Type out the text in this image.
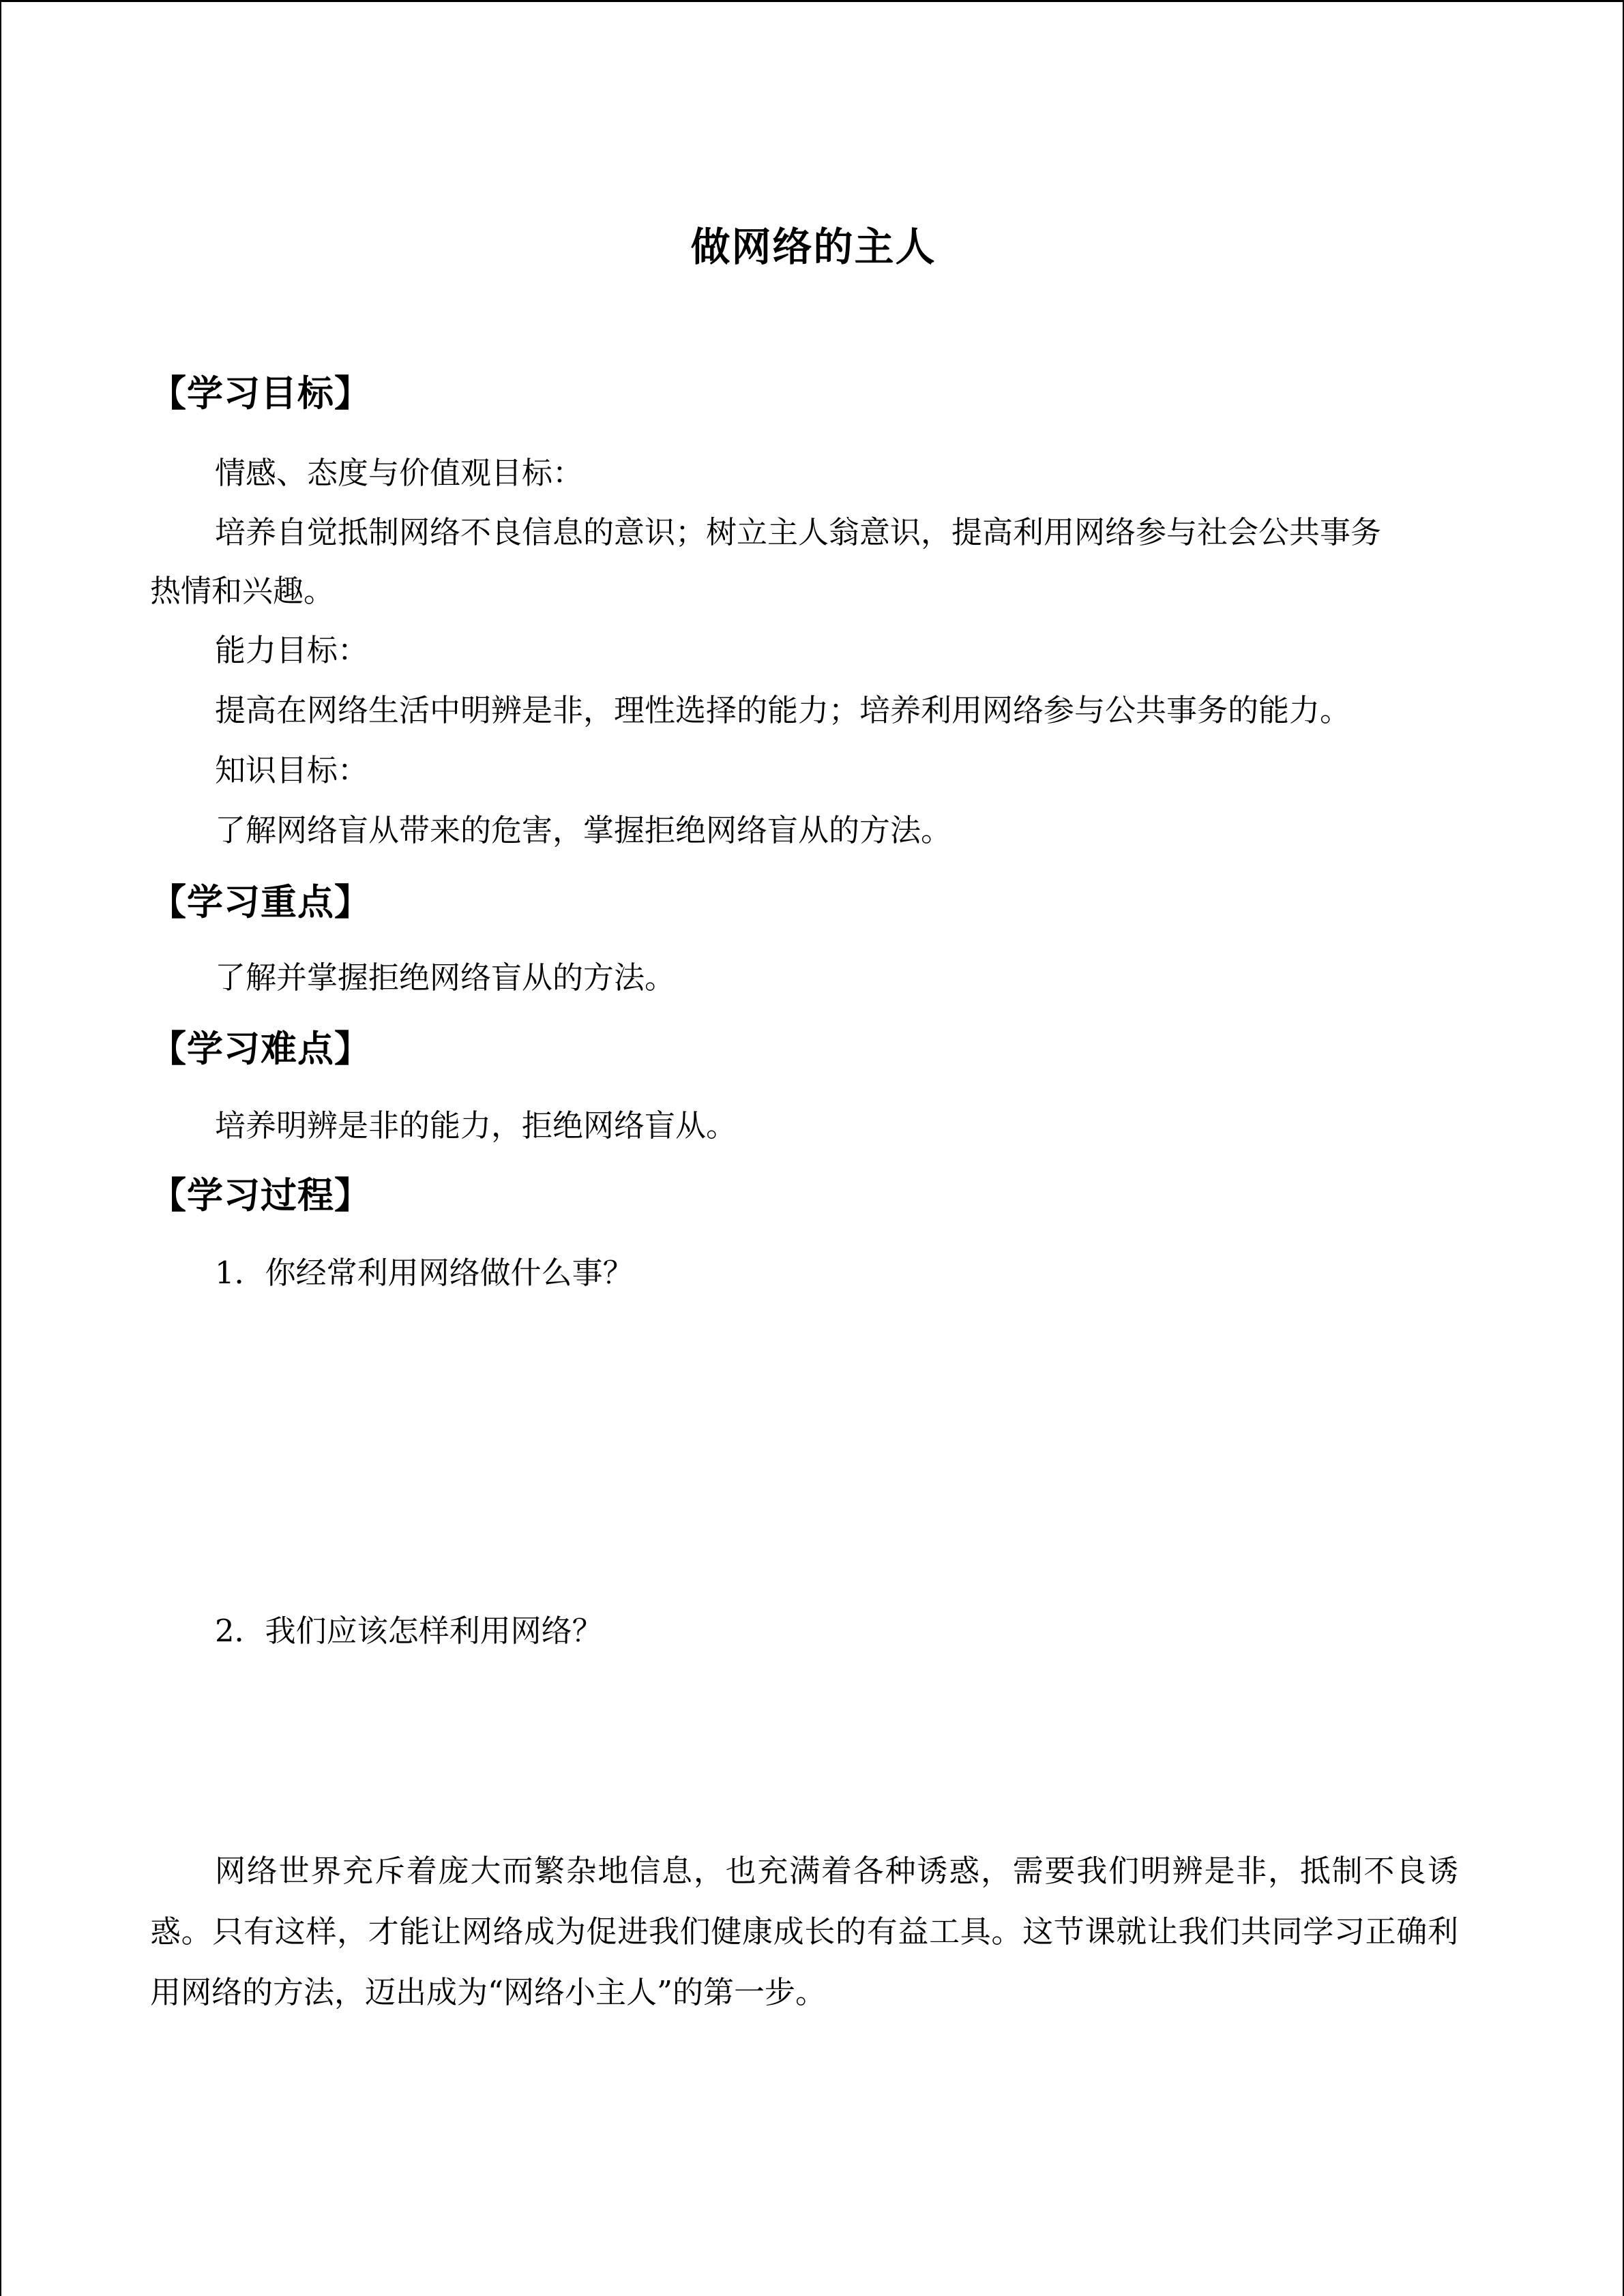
做网络的主人
【学习目标】
情感、态度与价值观目标：
培养自觉抵制网络不良信息的意识；树立主人翁意识，提高利用网络参与社会公共事务
热情和兴趣。
能力目标：
提高在网络生活中明辨是非，理性选择的能力；培养利用网络参与公共事务的能力。
知识目标：
了解网络盲从带来的危害，掌握拒绝网络盲从的方法。
【学习重点】
了解并掌握拒绝网络盲从的方法。
【学习难点】
培养明辨是非的能力，拒绝网络盲从。
【学习过程】
1．你经常利用网络做什么事？
2．我们应该怎样利用网络？
网络世界充斥着庞大而繁杂地信息，也充满着各种诱惑，需要我们明辨是非，抵制不良诱惑。只有这样，才能让网络成为促进我们健康成长的有益工具。这节课就让我们共同学习正确利用网络的方法，迈出成为“网络小主人”的第一步。
